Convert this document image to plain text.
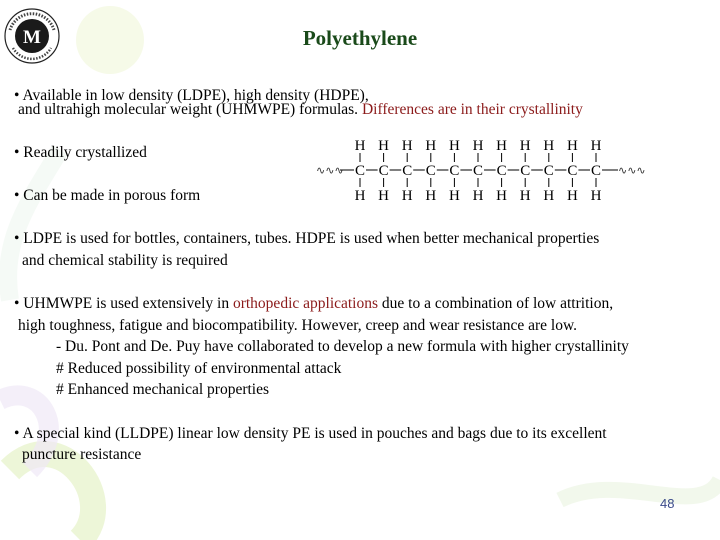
M	Polyethylene
• Available in low density (LDPE), high density (HDPE),
and ultrahigh molecular weight (UHMWPE) formulas. Differences are in their crystallinity
• Readily crystallized
• Can be made in porous form
∿∿∿
H
C
H
H
C
H
H
C
H
H
C
H
H
C
H
H
C
H
H
C
H
H
C
H
H
C
H
H
C
H
H
C
H
∿∿∿
• LDPE is used for bottles, containers, tubes. HDPE is used when better mechanical properties
and chemical stability is required
• UHMWPE is used extensively in orthopedic applications due to a combination of low attrition,
high toughness, fatigue and biocompatibility. However, creep and wear resistance are low.
- Du. Pont and De. Puy have collaborated to develop a new formula with higher crystallinity
# Reduced possibility of environmental attack
# Enhanced mechanical properties
• A special kind (LLDPE) linear low density PE is used in pouches and bags due to its excellent
puncture resistance
48
